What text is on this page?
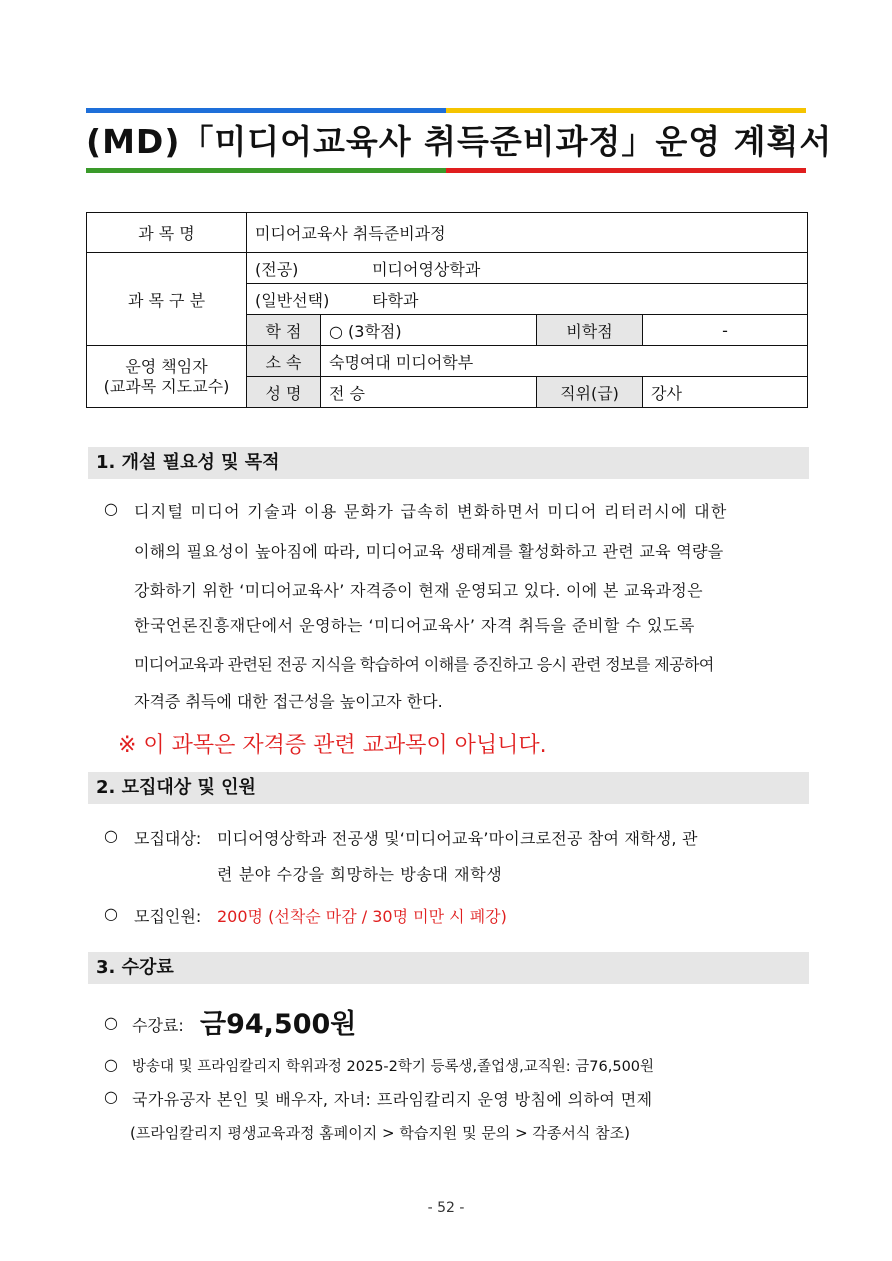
(MD)「미디어교육사 취득준비과정」운영 계획서
과 목 명	미디어교육사 취득준비과정			
과 목 구 분	(전공) 미디어영상학과			
	(일반선택) 타학과			
	학 점	○ (3학점)	비학점	-

운영 책임자
(교과목 지도교수)	소 속	숙명여대 미디어학부		
	성 명	전 승	직위(급)	강사
1. 개설 필요성 및 목적
○ 디지털 미디어 기술과 이용 문화가 급속히 변화하면서 미디어 리터러시에 대한
이해의 필요성이 높아짐에 따라, 미디어교육 생태계를 활성화하고 관련 교육 역량을
강화하기 위한 ‘미디어교육사’ 자격증이 현재 운영되고 있다. 이에 본 교육과정은
한국언론진흥재단에서 운영하는 ‘미디어교육사’ 자격 취득을 준비할 수 있도록
미디어교육과 관련된 전공 지식을 학습하여 이해를 증진하고 응시 관련 정보를 제공하여
자격증 취득에 대한 접근성을 높이고자 한다.
※ 이 과목은 자격증 관련 교과목이 아닙니다.
2. 모집대상 및 인원
○ 모집대상: 미디어영상학과 전공생 및‘미디어교육’마이크로전공 참여 재학생, 관
련 분야 수강을 희망하는 방송대 재학생
○ 모집인원: 200명 (선착순 마감 / 30명 미만 시 폐강)
3. 수강료
○ 수강료: 금94,500원
○ 방송대 및 프라임칼리지 학위과정 2025-2학기 등록생,졸업생,교직원: 금76,500원
○ 국가유공자 본인 및 배우자, 자녀: 프라임칼리지 운영 방침에 의하여 면제
(프라임칼리지 평생교육과정 홈페이지 > 학습지원 및 문의 > 각종서식 참조)
- 52 -
